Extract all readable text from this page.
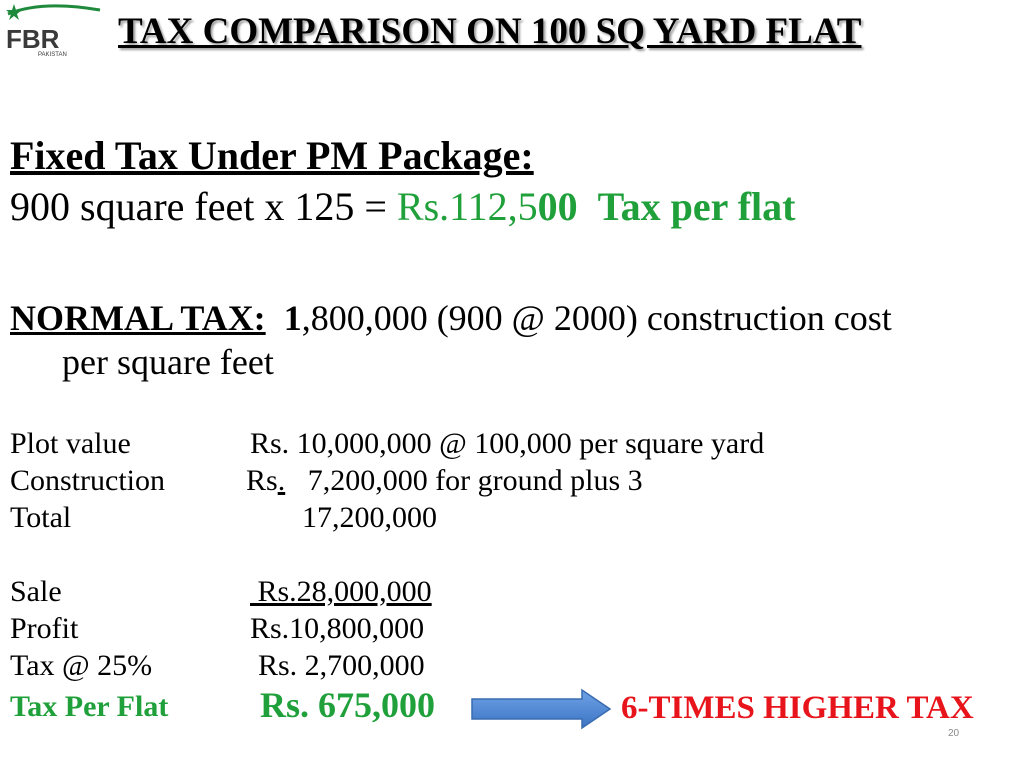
FBR
PAKISTAN
TAX COMPARISON ON 100 SQ YARD FLAT
Fixed Tax Under PM Package:
900 square feet x 125 = Rs.112,500 Tax per flat
NORMAL TAX: 1,800,000 (900 @ 2000) construction cost
per square feet
Plot value	Rs. 10,000,000 @ 100,000 per square yard
Construction	Rs.   7,200,000 for ground plus 3
Total	17,200,000
Sale	Rs.28,000,000
Profit	Rs.10,800,000
Tax @ 25%	Rs. 2,700,000
Tax Per Flat	Rs. 675,000	6-TIMES HIGHER TAX
20
